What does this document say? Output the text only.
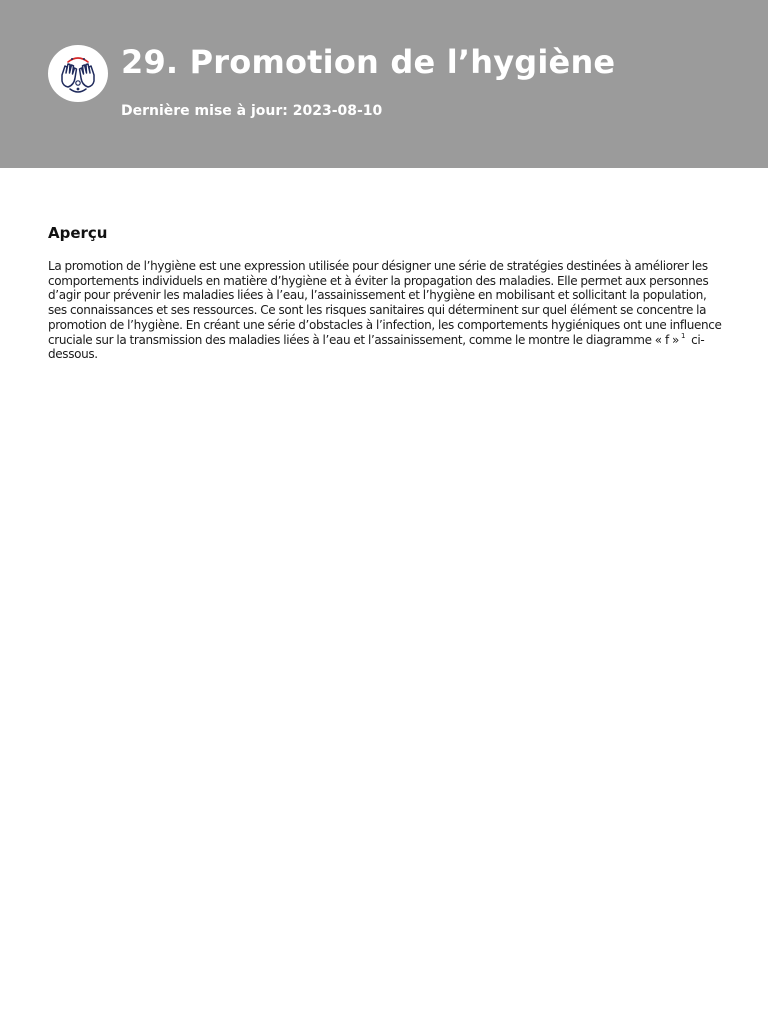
29. Promotion de l’hygiène
Dernière mise à jour: 2023-08-10
Aperçu

La promotion de l’hygiène est une expression utilisée pour désigner une série de stratégies destinées à améliorer les comportements individuels en matière d’hygiène et à éviter la propagation des maladies. Elle permet aux personnes d’agir pour prévenir les maladies liées à l’eau, l’assainissement et l’hygiène en mobilisant et sollicitant la population, ses connaissances et ses ressources. Ce sont les risques sanitaires qui déterminent sur quel élément se concentre la promotion de l’hygiène. En créant une série d’obstacles à l’infection, les comportements hygiéniques ont une influence cruciale sur la transmission des maladies liées à l’eau et l’assainissement, comme le montre le diagramme « f » $^1$ ci-dessous.
